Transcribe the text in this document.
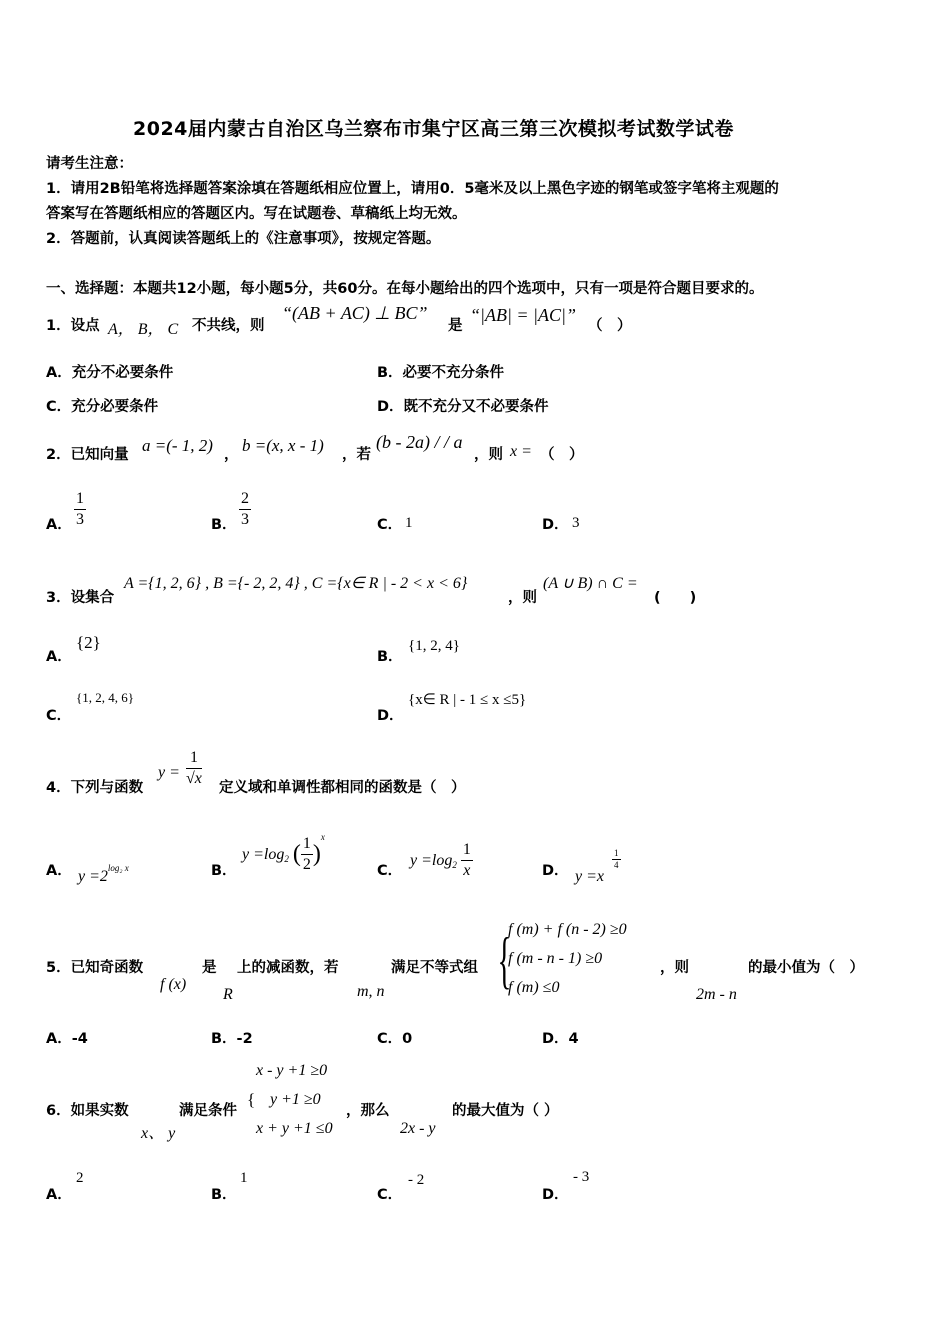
2024届内蒙古自治区乌兰察布市集宁区高三第三次模拟考试数学试卷
请考生注意：
1．请用2B铅笔将选择题答案涂填在答题纸相应位置上，请用0．5毫米及以上黑色字迹的钢笔或签字笔将主观题的
答案写在答题纸相应的答题区内。写在试题卷、草稿纸上均无效。
2．答题前，认真阅读答题纸上的《注意事项》，按规定答题。
一、选择题：本题共12小题，每小题5分，共60分。在每小题给出的四个选项中，只有一项是符合题目要求的。
1．设点 A， B， C 不共线，则
“(AB + AC) ⊥ BC”
是
“|AB| = |AC|”
（　）
A．充分不必要条件	B．必要不充分条件
C．充分必要条件	D．既不充分又不必要条件
2．已知向量 a =(- 1, 2) ， b =(x, x - 1) ，若
(b - 2a) / / a
，则 x = （　）
A． $\frac{1}{3}$	B． $\frac{2}{3}$	C． 1	D． 3
3．设集合
A ={1, 2, 6} , B ={- 2, 2, 4} , C ={x∈ R | - 2 < x < 6}
，则
(A ∪ B) ∩ C =
(　　)
A．
{2}
B．
{1, 2, 4}
C．
{1, 2, 4, 6}
D．
{x∈ R | - 1 ≤ x ≤5}
4．下列与函数
$y = \frac{1}{√x}$ 定义域和单调性都相同的函数是（　）
A． $y =2^{log_2 x}$	B．
y =log 2 ( $\frac{1}{2}$ )
x
C．
y =log $2 \frac{1}{x}$	D． y =x
$\frac{1}{4}$
5．已知奇函数
f (x)
是
R
上的减函数，若
m, n
满足不等式组 {
f (m) + f (n - 2) ≥0
f (m - n - 1) ≥0
f (m) ≤0
，则
2m - n
的最小值为（　）
A．-4	B．-2	C．0	D．4
6．如果实数
x、 y
满足条件
{
x - y +1 ≥0
y +1 ≥0
x + y +1 ≤0
，那么
2x - y
的最大值为（ ）
A．
2
B．
1
C．
- 2
D．
- 3
